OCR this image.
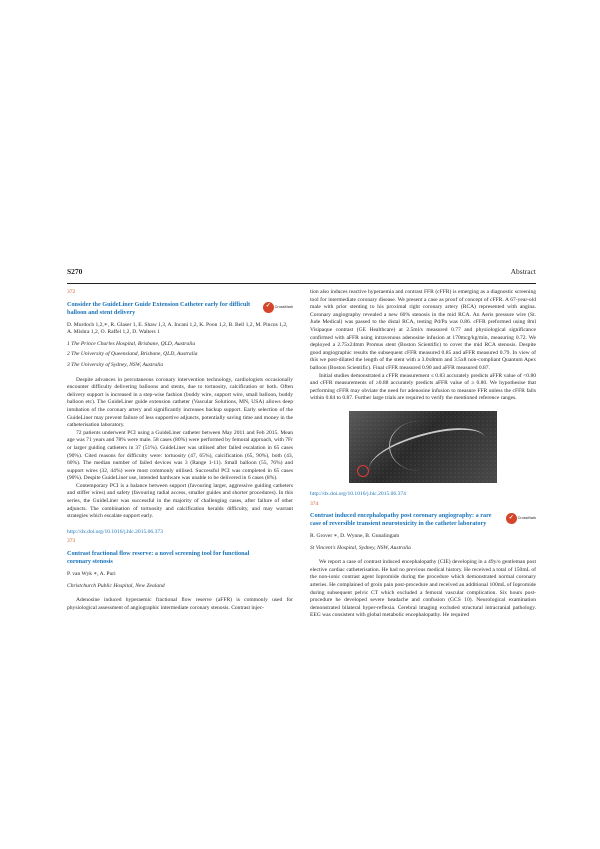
S270	Abstract
372

Consider the GuideLiner Guide Extension Catheter early for difficult balloon and stent delivery

✓	CrossMark

D. Murdoch 1,2,∗, R. Glaser 1, E. Shaw 1,3, A. Incani 1,2, K. Poon 1,2, B. Bell 1,2, M. Pincus 1,2, A. Mishra 1,2, O. Raffel 1,2, D. Walters 1

1 The Prince Charles Hospital, Brisbane, QLD, Australia

2 The University of Queensland, Brisbane, QLD, Australia

3 The University of Sydney, NSW, Australia

Despite advances in percutaneous coronary intervention technology, cardiologists occasionally encounter difficulty delivering balloons and stents, due to tortuosity, calcification or both. Often delivery support is increased in a step-wise fashion (buddy wire, support wire, small balloon, buddy balloon etc). The GuideLiner guide extension catheter (Vascular Solutions, MN, USA) allows deep intubation of the coronary artery and significantly increases backup support. Early selection of the GuideLiner may prevent failure of less supportive adjuncts, potentially saving time and money in the catheterisation laboratory.

72 patients underwent PCI using a GuideLiner catheter between May 2011 and Feb 2015. Mean age was 71 years and 78% were male. 58 cases (80%) were performed by femoral approach, with 7Fr or larger guiding catheters in 37 (51%). GuideLiner was utilised after failed escalation in 65 cases (90%). Cited reasons for difficulty were: tortuosity (47, 65%), calcification (65, 90%), both (43, 60%). The median number of failed devices was 3 (Range 1-11). Small balloon (55, 76%) and support wires (32, 44%) were most commonly utilised. Successful PCI was completed in 65 cases (90%). Despite GuideLiner use, intended hardware was unable to be delivered in 6 cases (8%).

Contemporary PCI is a balance between support (favouring larger, aggressive guiding catheters and stiffer wires) and safety (favouring radial access, smaller guides and shorter procedures). In this series, the GuideLiner was successful in the majority of challenging cases, after failure of other adjuncts. The combination of tortuosity and calcification heralds difficulty, and may warrant strategies which escalate support early.

http://dx.doi.org/10.1016/j.hlc.2015.06.373

373

Contrast fractional flow reserve: a novel screening tool for functional coronary stenosis

P. van Wyk ∗, A. Puri

Christchurch Public Hospital, New Zealand

Adenosine induced hyperaemic fractional flow reserve (aFFR) is commonly used for physiological assessment of angiographic intermediate coronary stenosis. Contrast injec-

tion also induces reactive hyperaemia and contrast FFR (cFFR) is emerging as a diagnostic screening tool for intermediate coronary disease. We present a case as proof of concept of cFFR. A 67-year-old male with prior stenting to his proximal right coronary artery (RCA) represented with angina. Coronary angiography revealed a new 60% stenosis in the mid RCA. An Aeris pressure wire (St. Jude Medical) was passed to the distal RCA, testing Pd/Pa was 0.86. cFFR preformed using 8ml Visipaque contrast (GE Healthcare) at 2.5ml/s measured 0.77 and physiological significance confirmed with aFFR using intravenous adenosine infusion at 170mcg/kg/min, measuring 0.72. We deployed a 2.75x24mm Promus stent (Boston Scientific) to cover the mid RCA stenosis. Despite good angiographic results the subsequent cFFR measured 0.85 and aFFR measured 0.79. In view of this we post-dilated the length of the stent with a 3.0x8mm and 3.5x8 non-compliant Quantum Apex balloon (Boston Scientific). Final cFFR measured 0.90 and aFFR measured 0.87.

Initial studies demonstrated a cFFR measurement ≤ 0.83 accurately predicts aFFR value of <0.80 and cFFR measurements of ≥0.88 accurately predicts aFFR value of ≥ 0.80. We hypothesise that performing cFFR may obviate the need for adenosine infusion to measure FFR unless the cFFR falls within 0.84 to 0.87. Further large trials are required to verify the mentioned reference ranges.

http://dx.doi.org/10.1016/j.hlc.2015.06.374

374

Contrast induced encephalopathy post coronary angiography: a rare case of reversible transient neurotoxicity in the catheter laboratory

✓	CrossMark

R. Grover ∗, D. Wynne, B. Gunalingam

St Vincent's Hospital, Sydney, NSW, Australia

We report a case of contrast induced encephalopathy (CIE) developing in a 49y/o gentleman post elective cardiac catheterisation. He had no previous medical history. He received a total of 150mL of the non-ionic contrast agent Iopromide during the procedure which demonstrated normal coronary arteries. He complained of groin pain post-procedure and received an additional 100mL of Iopromide during subsequent pelvic CT which excluded a femoral vascular complication. Six hours post-procedure he developed severe headache and confusion (GCS 10). Neurological examination demonstrated bilateral hyper-reflexia. Cerebral imaging excluded structural intracranial pathology. EEG was consistent with global metabolic encephalopathy. He required
